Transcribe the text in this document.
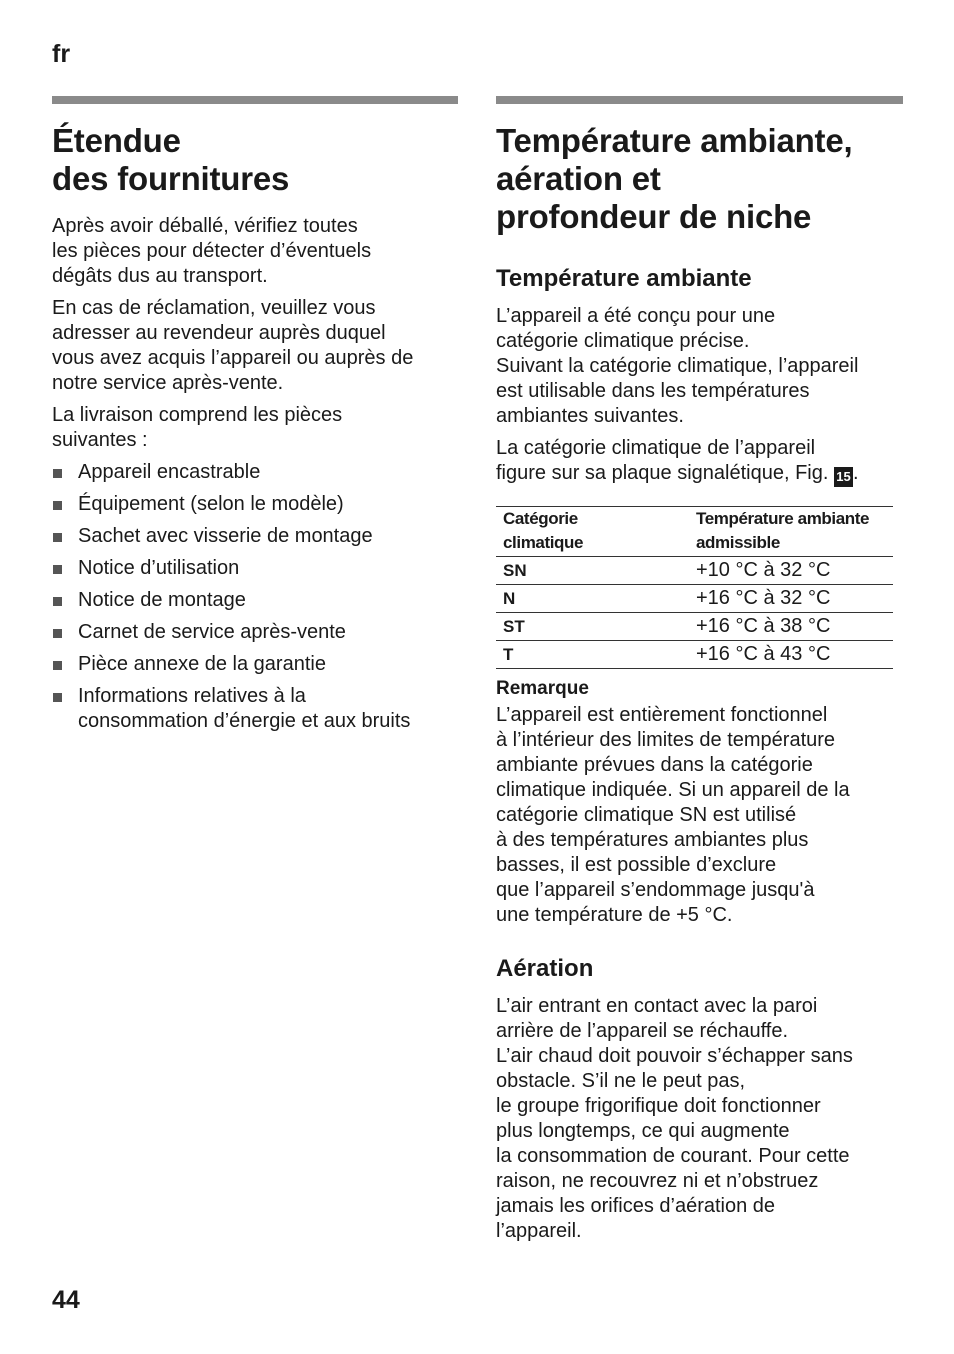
fr
Étendue
des fournitures

Après avoir déballé, vérifiez toutes
les pièces pour détecter d’éventuels
dégâts dus au transport.

En cas de réclamation, veuillez vous
adresser au revendeur auprès duquel
vous avez acquis l’appareil ou auprès de
notre service après-vente.

La livraison comprend les pièces
suivantes :

Appareil encastrable
Équipement (selon le modèle)
Sachet avec visserie de montage
Notice d’utilisation
Notice de montage
Carnet de service après-vente
Pièce annexe de la garantie
Informations relatives à la
consommation d’énergie et aux bruits
Température ambiante,
aération et
profondeur de niche
Température ambiante

L’appareil a été conçu pour une
catégorie climatique précise.
Suivant la catégorie climatique, l’appareil
est utilisable dans les températures
ambiantes suivantes.

La catégorie climatique de l’appareil
figure sur sa plaque signalétique, Fig. 15 .

Catégorie
climatique	Température ambiante
admissible

SN	+10 °C à 32 °C
N	+16 °C à 32 °C
ST	+16 °C à 38 °C
T	+16 °C à 43 °C
Remarque

L’appareil est entièrement fonctionnel
à l’intérieur des limites de température
ambiante prévues dans la catégorie
climatique indiquée. Si un appareil de la
catégorie climatique SN est utilisé
à des températures ambiantes plus
basses, il est possible d’exclure
que l’appareil s’endommage jusqu'à
une température de +5 °C.

Aération

L’air entrant en contact avec la paroi
arrière de l’appareil se réchauffe.
L’air chaud doit pouvoir s’échapper sans
obstacle. S’il ne le peut pas,
le groupe frigorifique doit fonctionner
plus longtemps, ce qui augmente
la consommation de courant. Pour cette
raison, ne recouvrez ni et n’obstruez
jamais les orifices d’aération de
l’appareil.

44
